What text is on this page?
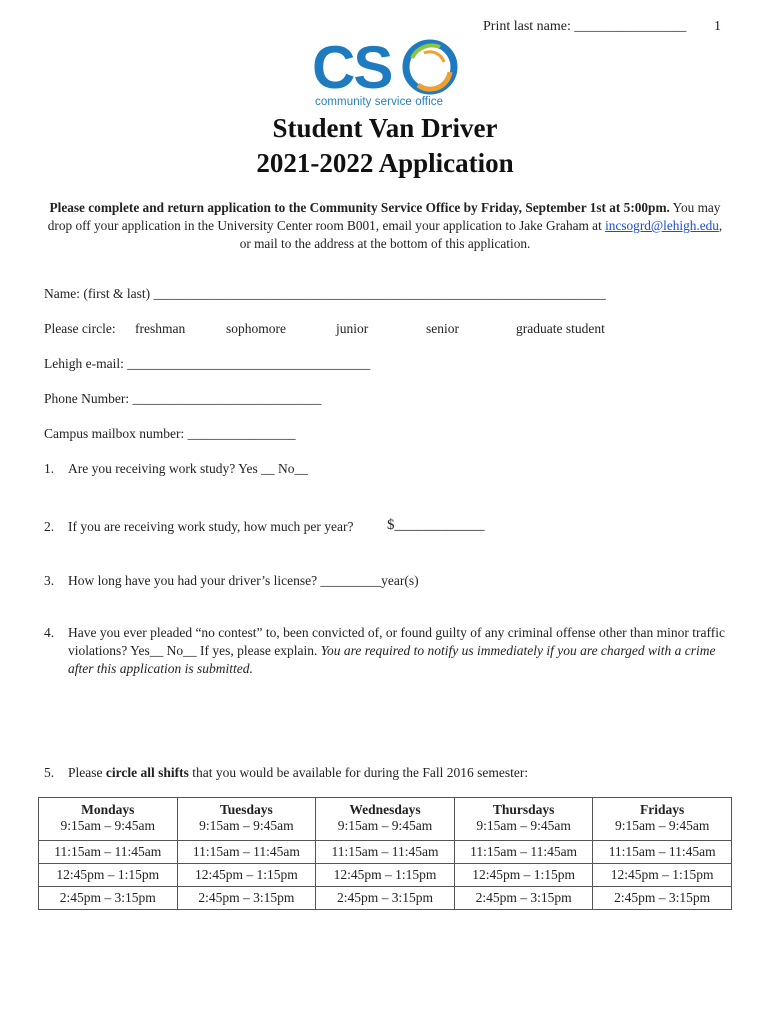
Print last name: ________________ 1
CS
community service office
Student Van Driver
2021-2022 Application
Please complete and return application to the Community Service Office by Friday, September 1st at 5:00pm. You may drop off your application in the University Center room B001, email your application to Jake Graham at incsogrd@lehigh.edu, or mail to the address at the bottom of this application.
Name: (first & last) ___________________________________________________________________
Please circle: freshman	sophomore	junior	senior	graduate student
Lehigh e-mail: ____________________________________
Phone Number: ____________________________
Campus mailbox number: ________________
1. Are you receiving work study? Yes __ No__
2. If you are receiving work study, how much per year? $____________
3. How long have you had your driver’s license? _________year(s)
4. Have you ever pleaded “no contest” to, been convicted of, or found guilty of any criminal offense other than minor traffic violations? Yes__ No__ If yes, please explain. You are required to notify us immediately if you are charged with a crime after this application is submitted.
5. Please circle all shifts that you would be available for during the Fall 2016 semester:
Mondays	Tuesdays	Wednesdays	Thursdays	Fridays
9:15am – 9:45am	9:15am – 9:45am	9:15am – 9:45am	9:15am – 9:45am	9:15am – 9:45am
11:15am – 11:45am	11:15am – 11:45am	11:15am – 11:45am	11:15am – 11:45am	11:15am – 11:45am
12:45pm – 1:15pm	12:45pm – 1:15pm	12:45pm – 1:15pm	12:45pm – 1:15pm	12:45pm – 1:15pm
2:45pm – 3:15pm	2:45pm – 3:15pm	2:45pm – 3:15pm	2:45pm – 3:15pm	2:45pm – 3:15pm
